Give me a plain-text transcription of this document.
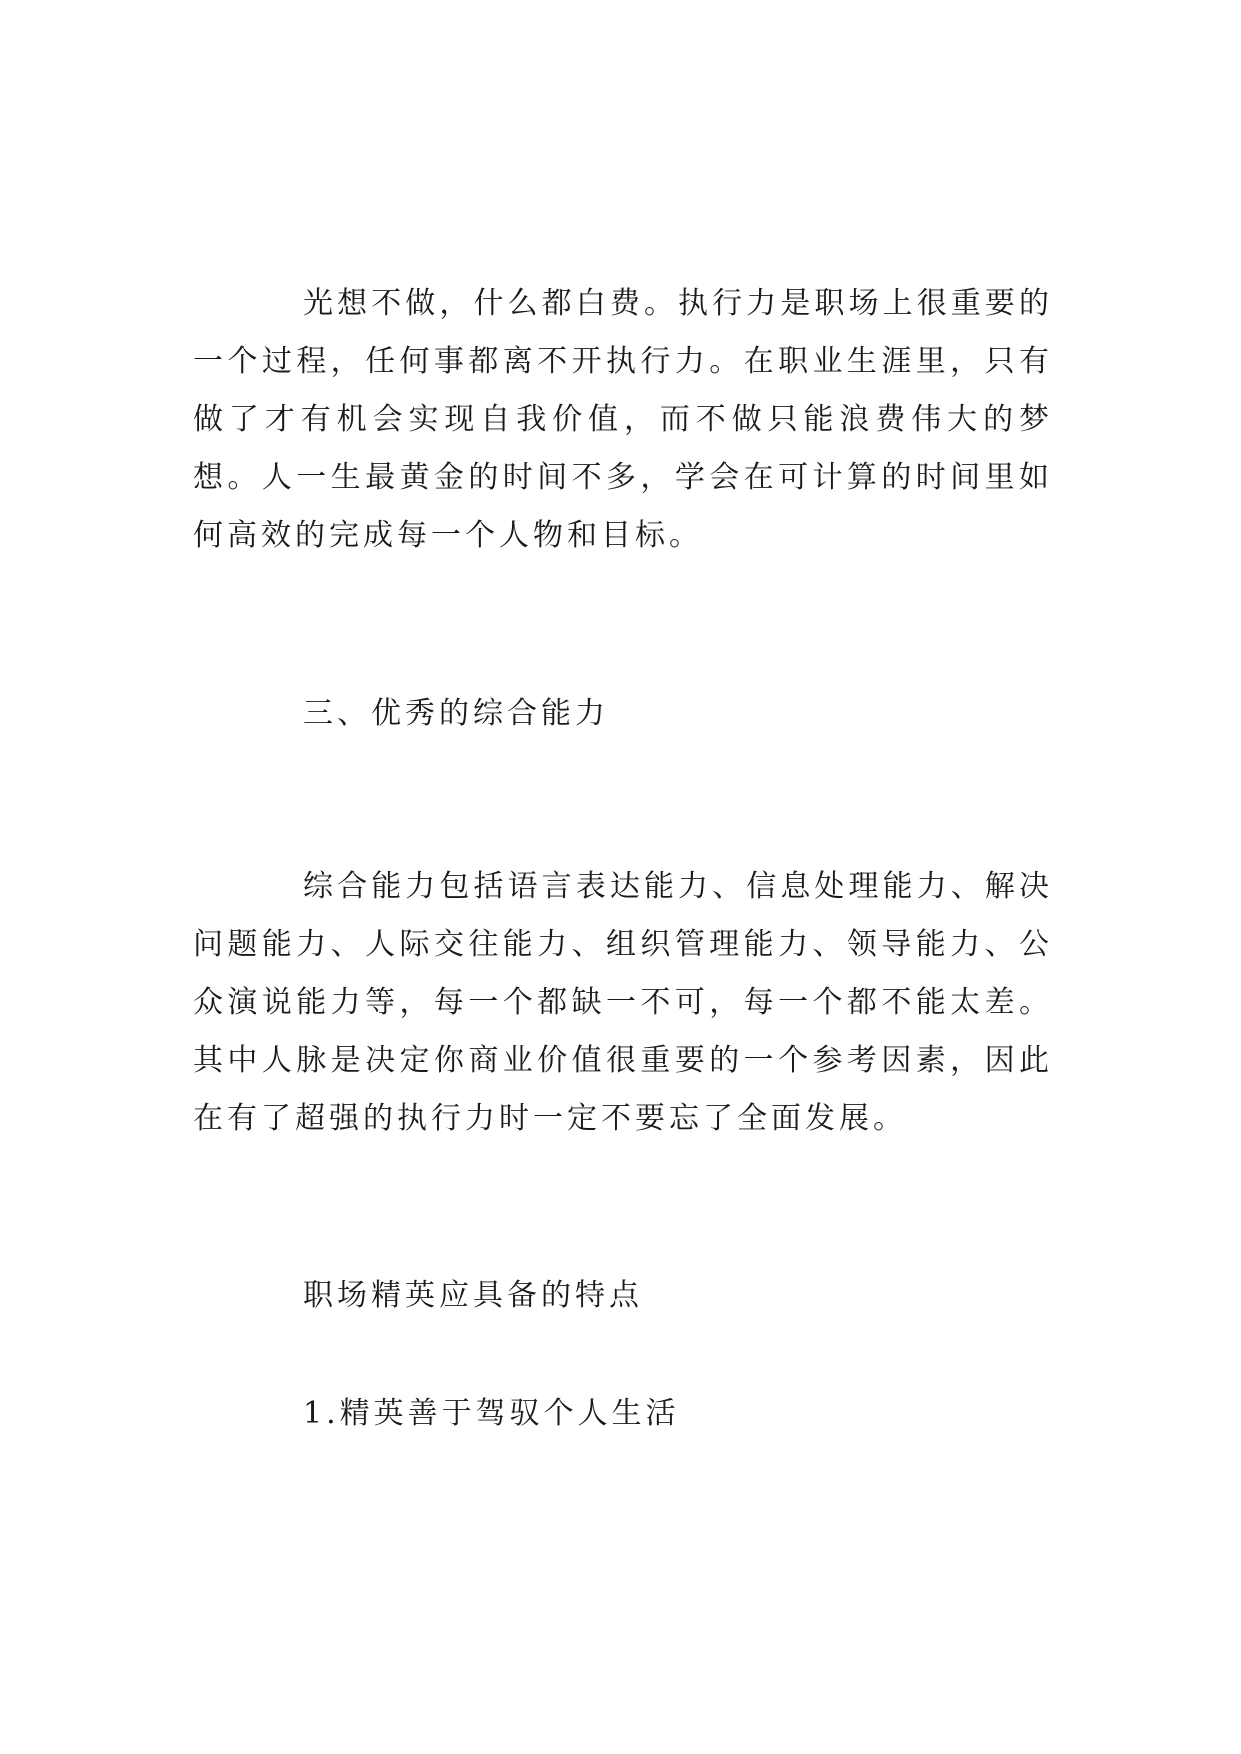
光想不做，什么都白费。执行力是职场上很重要的一个过程，任何事都离不开执行力。在职业生涯里，只有做了才有机会实现自我价值，而不做只能浪费伟大的梦想。人一生最黄金的时间不多，学会在可计算的时间里如何高效的完成每一个人物和目标。

三、优秀的综合能力

综合能力包括语言表达能力、信息处理能力、解决问题能力、人际交往能力、组织管理能力、领导能力、公众演说能力等，每一个都缺一不可，每一个都不能太差。其中人脉是决定你商业价值很重要的一个参考因素，因此在有了超强的执行力时一定不要忘了全面发展。

职场精英应具备的特点

1.精英善于驾驭个人生活
